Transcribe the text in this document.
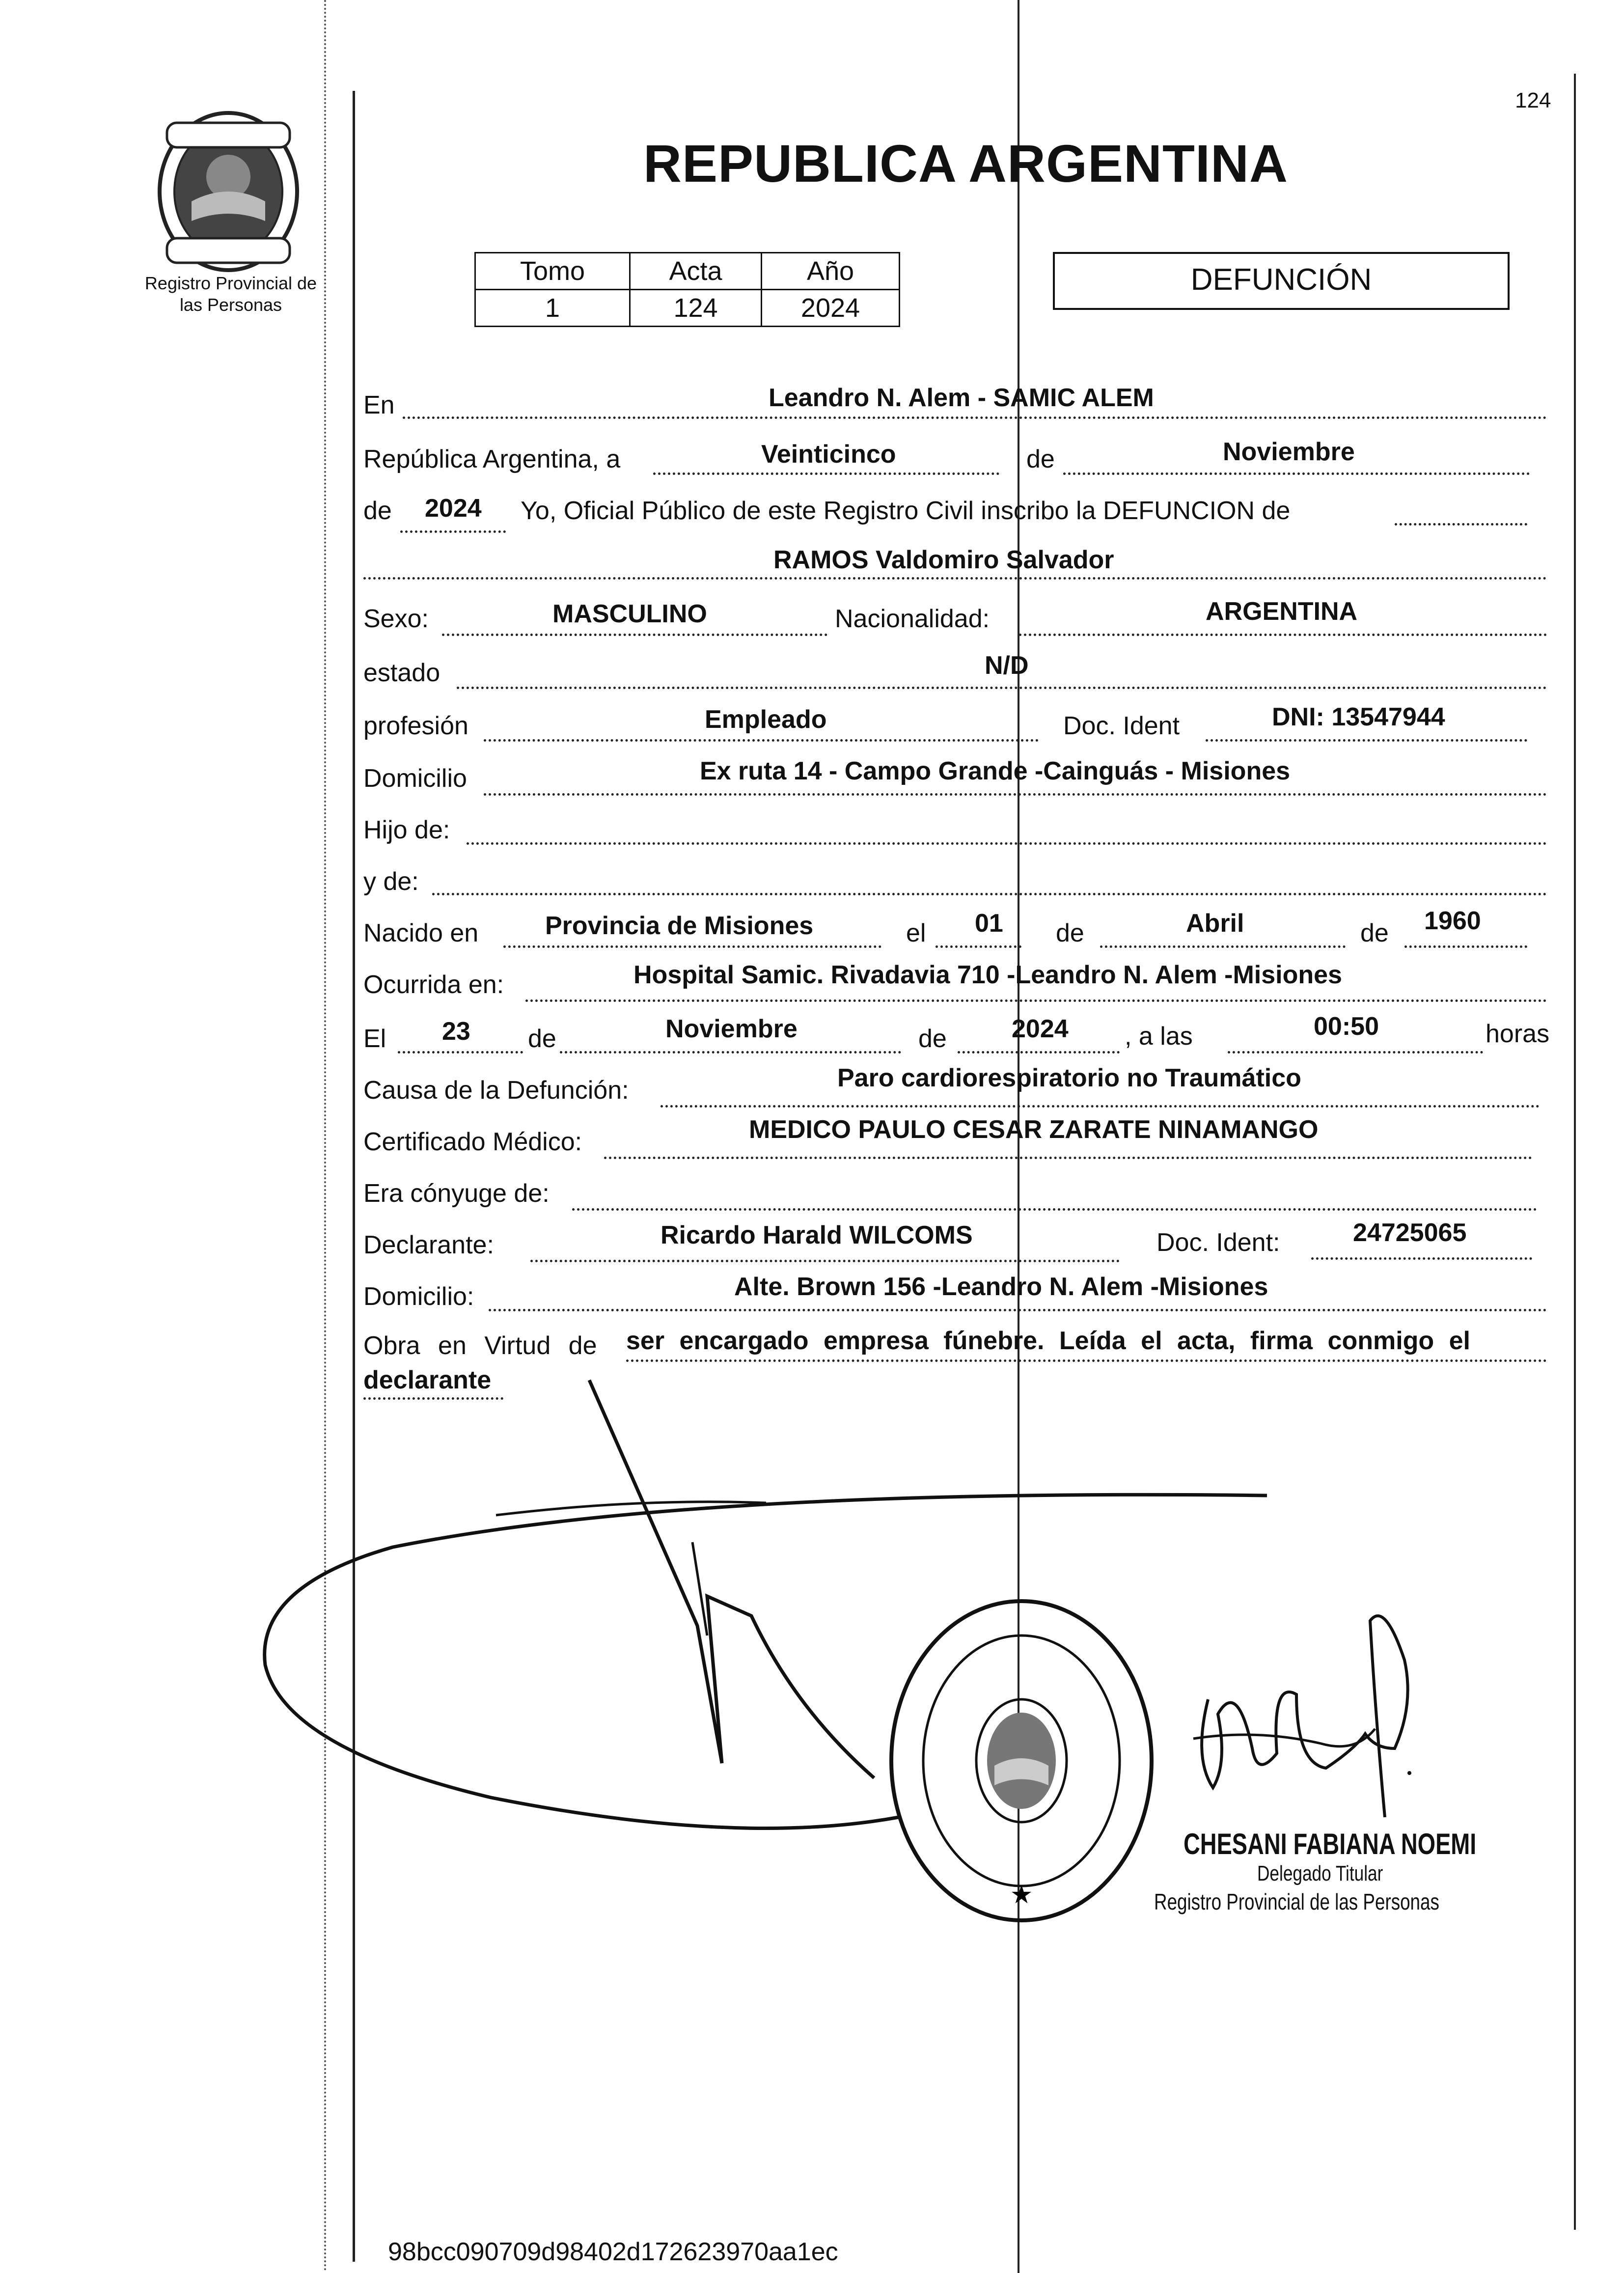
Registro Provincial de
las Personas
124
REPUBLICA ARGENTINA
Tomo	Acta	Año
1	124	2024
DEFUNCIÓN
En	Leandro N. Alem - SAMIC ALEM
República Argentina, a	Veinticinco	de	Noviembre
de 2024 Yo, Oficial Público de este Registro Civil inscribo la DEFUNCION de
RAMOS Valdomiro Salvador
Sexo:	MASCULINO	Nacionalidad:	ARGENTINA
estado	N/D
profesión	Empleado	Doc. Ident	DNI: 13547944
Domicilio	Ex ruta 14 - Campo Grande -Cainguás - Misiones
Hijo de:
y de:
Nacido en	Provincia de Misiones	el 01 de	Abril	de 1960
Ocurrida en:	Hospital Samic. Rivadavia 710 -Leandro N. Alem -Misiones
El 23 de	Noviembre	de	2024 , a las	00:50	horas
Causa de la Defunción:	Paro cardiorespiratorio no Traumático
Certificado Médico:	MEDICO PAULO CESAR ZARATE NINAMANGO
Era cónyuge de:
Declarante:	Ricardo Harald WILCOMS	Doc. Ident:	24725065
Domicilio:	Alte. Brown 156 -Leandro N. Alem -Misiones
Obra en Virtud de ser encargado empresa fúnebre. Leída el acta, firma conmigo el
declarante
★
CHESANI FABIANA NOEMI
Delegado Titular
Registro Provincial de las Personas
98bcc090709d98402d172623970aa1ec
